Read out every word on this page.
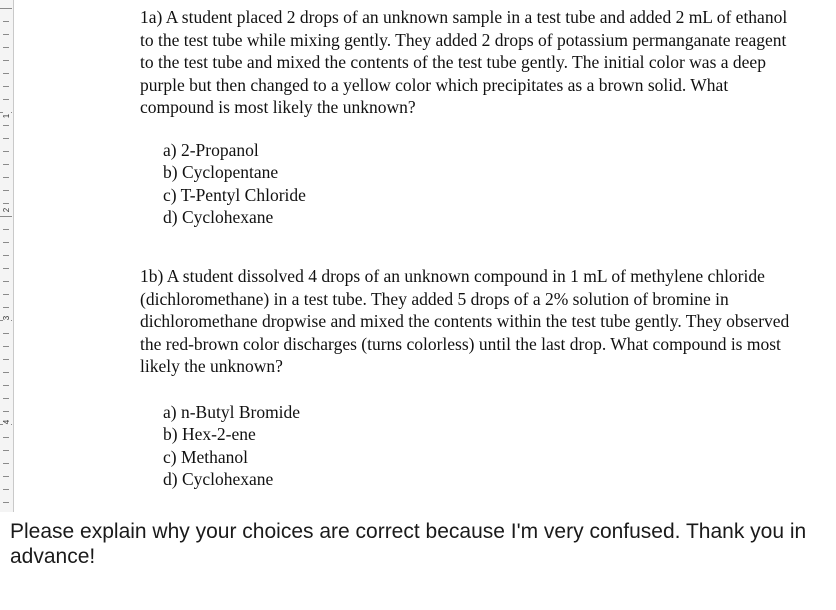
1
2
3
4

1a) A student placed 2 drops of an unknown sample in a test tube and added 2 mL of ethanol to the test tube while mixing gently. They added 2 drops of potassium permanganate reagent to the test tube and mixed the contents of the test tube gently. The initial color was a deep purple but then changed to a yellow color which precipitates as a brown solid. What compound is most likely the unknown?

a) 2-Propanol
b) Cyclopentane
c) T-Pentyl Chloride
d) Cyclohexane

1b) A student dissolved 4 drops of an unknown compound in 1 mL of methylene chloride (dichloromethane) in a test tube. They added 5 drops of a 2% solution of bromine in dichloromethane dropwise and mixed the contents within the test tube gently. They observed the red-brown color discharges (turns colorless) until the last drop. What compound is most likely the unknown?

a) n-Butyl Bromide
b) Hex-2-ene
c) Methanol
d) Cyclohexane
Please explain why your choices are correct because I'm very confused. Thank you in advance!
